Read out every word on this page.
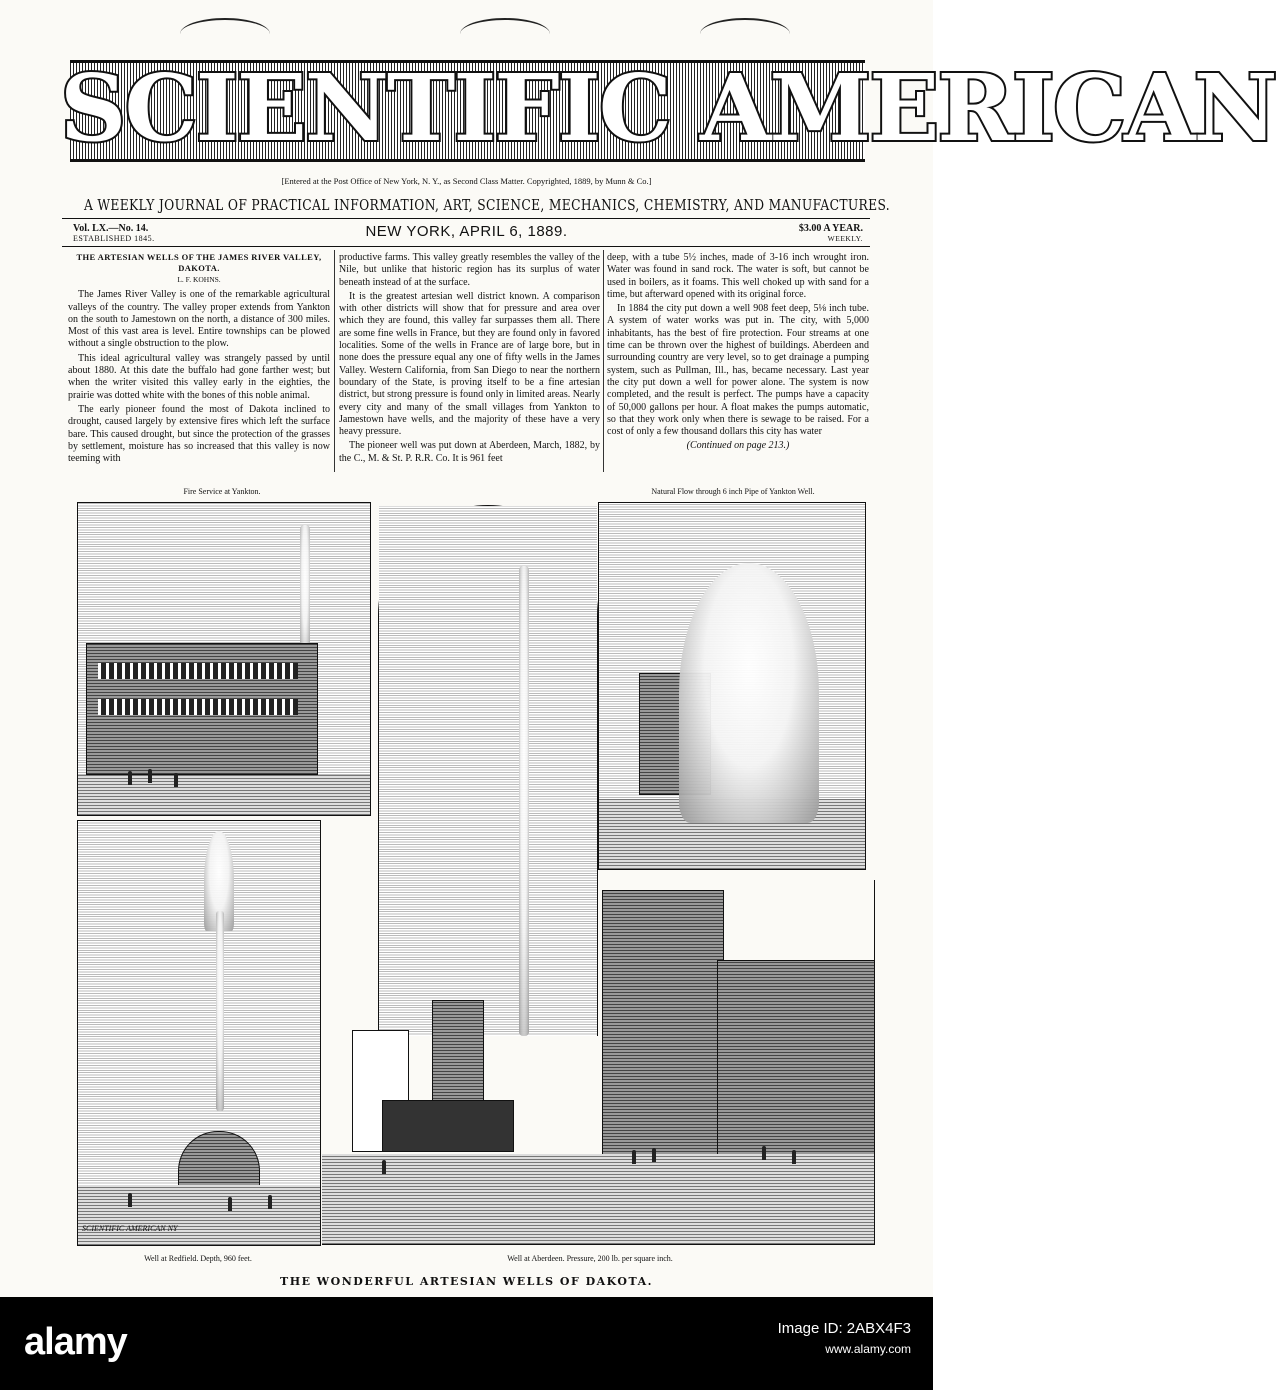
SCIENTIFIC AMERICAN
[Entered at the Post Office of New York, N. Y., as Second Class Matter. Copyrighted, 1889, by Munn & Co.]
A WEEKLY JOURNAL OF PRACTICAL INFORMATION, ART, SCIENCE, MECHANICS, CHEMISTRY, AND MANUFACTURES.
Vol. LX.—No. 14.
ESTABLISHED 1845.	NEW YORK, APRIL 6, 1889.	$3.00 A YEAR.
WEEKLY.
THE ARTESIAN WELLS OF THE JAMES RIVER VALLEY, DAKOTA.
L. F. KOHNS.

The James River Valley is one of the remarkable agricultural valleys of the country. The valley proper extends from Yankton on the south to Jamestown on the north, a distance of 300 miles. Most of this vast area is level. Entire townships can be plowed without a single obstruction to the plow.

This ideal agricultural valley was strangely passed by until about 1880. At this date the buffalo had gone farther west; but when the writer visited this valley early in the eighties, the prairie was dotted white with the bones of this noble animal.

The early pioneer found the most of Dakota inclined to drought, caused largely by extensive fires which left the surface bare. This caused drought, but since the protection of the grasses by settlement, moisture has so increased that this valley is now teeming with

productive farms. This valley greatly resembles the valley of the Nile, but unlike that historic region has its surplus of water beneath instead of at the surface.

It is the greatest artesian well district known. A comparison with other districts will show that for pressure and area over which they are found, this valley far surpasses them all. There are some fine wells in France, but they are found only in favored localities. Some of the wells in France are of large bore, but in none does the pressure equal any one of fifty wells in the James Valley. Western California, from San Diego to near the northern boundary of the State, is proving itself to be a fine artesian district, but strong pressure is found only in limited areas. Nearly every city and many of the small villages from Yankton to Jamestown have wells, and the majority of these have a very heavy pressure.

The pioneer well was put down at Aberdeen, March, 1882, by the C., M. & St. P. R.R. Co. It is 961 feet

deep, with a tube 5½ inches, made of 3-16 inch wrought iron. Water was found in sand rock. The water is soft, but cannot be used in boilers, as it foams. This well choked up with sand for a time, but afterward opened with its original force.

In 1884 the city put down a well 908 feet deep, 5⅛ inch tube. A system of water works was put in. The city, with 5,000 inhabitants, has the best of fire protection. Four streams at one time can be thrown over the highest of buildings. Aberdeen and surrounding country are very level, so to get drainage a pumping system, such as Pullman, Ill., has, became necessary. Last year the city put down a well for power alone. The system is now completed, and the result is perfect. The pumps have a capacity of 50,000 gallons per hour. A float makes the pumps automatic, so that they work only when there is sewage to be raised. For a cost of only a few thousand dollars this city has water

(Continued on page 213.)
Fire Service at Yankton.	Natural Flow through 6 inch Pipe of Yankton Well.
SCIENTIFIC AMERICAN NY
Well at Redfield. Depth, 960 feet.	Well at Aberdeen. Pressure, 200 lb. per square inch.
THE WONDERFUL ARTESIAN WELLS OF DAKOTA.
alamy	Image ID: 2ABX4F3
www.alamy.com
